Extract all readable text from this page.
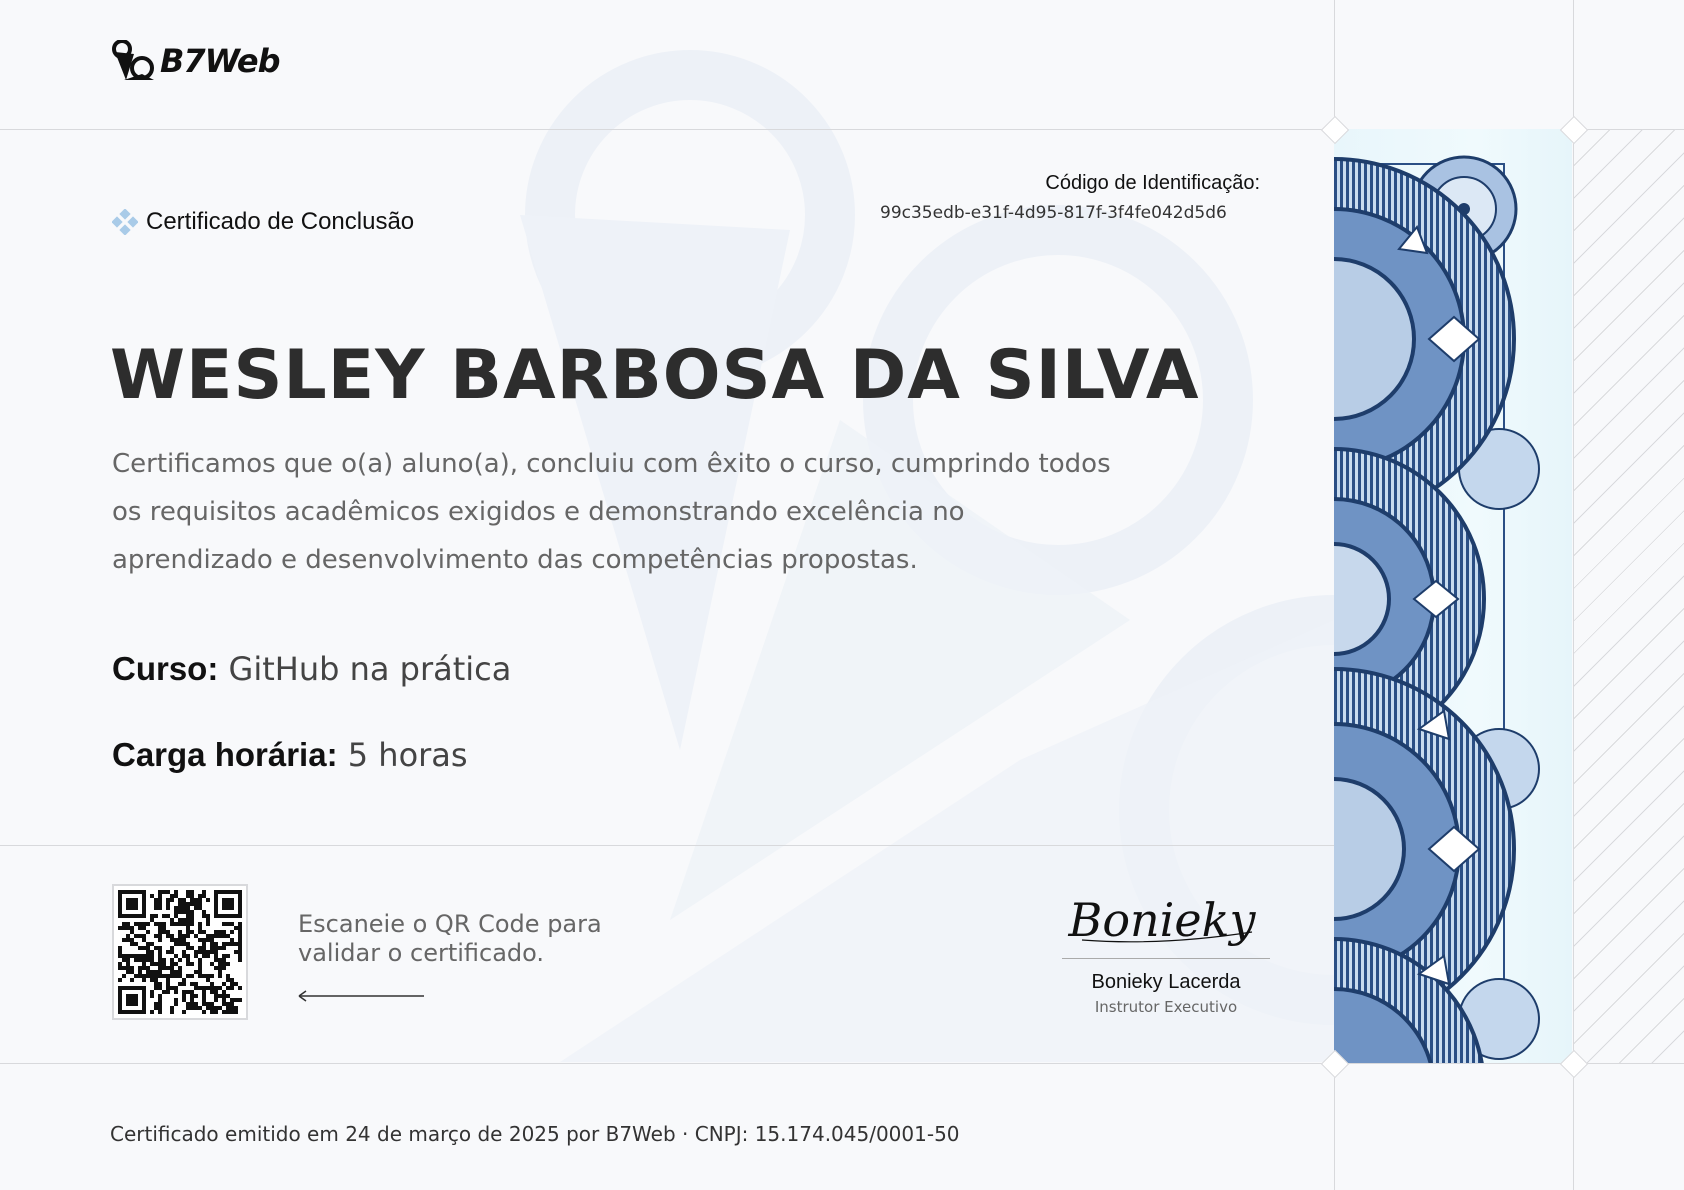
B7Web
Certificado de Conclusão
Código de Identificação:
99c35edb-e31f-4d95-817f-3f4fe042d5d6
WESLEY BARBOSA DA SILVA
Certificamos que o(a) aluno(a), concluiu com êxito o curso, cumprindo todos os requisitos acadêmicos exigidos e demonstrando excelência no aprendizado e desenvolvimento das competências propostas.
Curso: GitHub na prática
Carga horária: 5 horas
Escaneie o QR Code para validar o certificado.
Bonieky
Bonieky Lacerda
Instrutor Executivo
Certificado emitido em 24 de março de 2025 por B7Web · CNPJ: 15.174.045/0001-50
